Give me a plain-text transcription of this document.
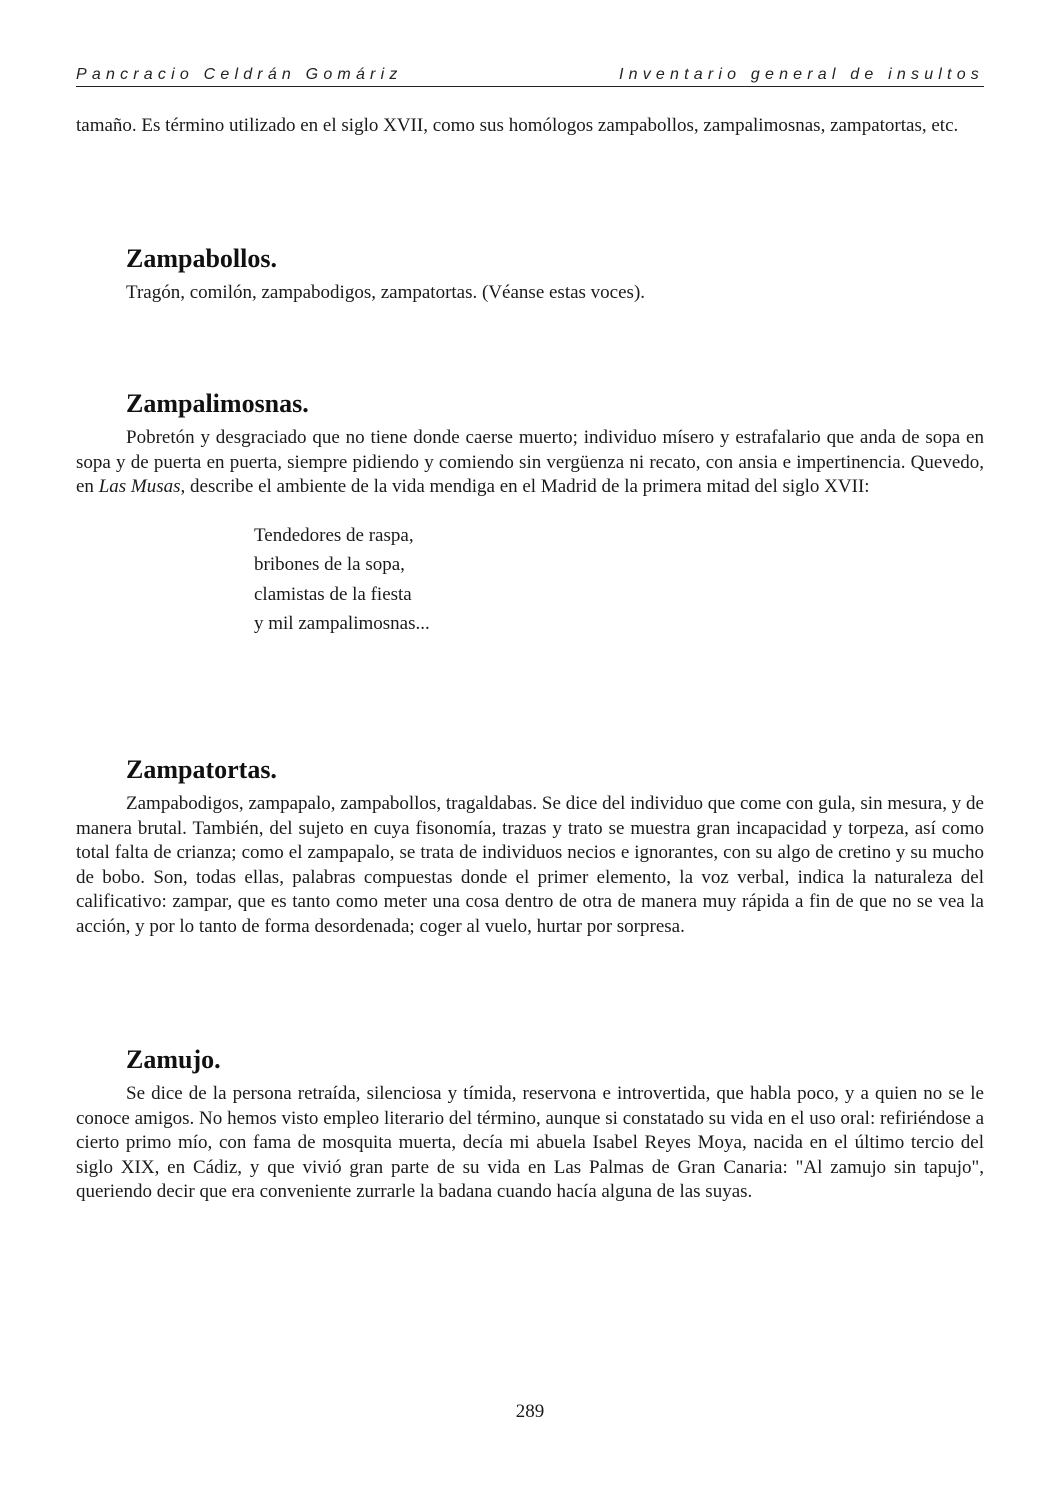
Pancracio Celdrán Gomáriz	Inventario general de insultos

tamaño. Es término utilizado en el siglo XVII, como sus homólogos zampabollos, zampalimosnas, zampatortas, etc.

Zampabollos.

Tragón, comilón, zampabodigos, zampatortas. (Véanse estas voces).

Zampalimosnas.

Pobretón y desgraciado que no tiene donde caerse muerto; individuo mísero y estrafalario que anda de sopa en sopa y de puerta en puerta, siempre pidiendo y comiendo sin vergüenza ni recato, con ansia e impertinencia. Quevedo, en Las Musas, describe el ambiente de la vida mendiga en el Madrid de la primera mitad del siglo XVII:

Tendedores de raspa,
bribones de la sopa,
clamistas de la fiesta
y mil zampalimosnas...
Zampatortas.

Zampabodigos, zampapalo, zampabollos, tragaldabas. Se dice del individuo que come con gula, sin mesura, y de manera brutal. También, del sujeto en cuya fisonomía, trazas y trato se muestra gran incapacidad y torpeza, así como total falta de crianza; como el zampapalo, se trata de individuos necios e ignorantes, con su algo de cretino y su mucho de bobo. Son, todas ellas, palabras compuestas donde el primer elemento, la voz verbal, indica la naturaleza del calificativo: zampar, que es tanto como meter una cosa dentro de otra de manera muy rápida a fin de que no se vea la acción, y por lo tanto de forma desordenada; coger al vuelo, hurtar por sorpresa.

Zamujo.

Se dice de la persona retraída, silenciosa y tímida, reservona e introvertida, que habla poco, y a quien no se le conoce amigos. No hemos visto empleo literario del término, aunque si constatado su vida en el uso oral: refiriéndose a cierto primo mío, con fama de mosquita muerta, decía mi abuela Isabel Reyes Moya, nacida en el último tercio del siglo XIX, en Cádiz, y que vivió gran parte de su vida en Las Palmas de Gran Canaria: "Al zamujo sin tapujo", queriendo decir que era conveniente zurrarle la badana cuando hacía alguna de las suyas.

289
